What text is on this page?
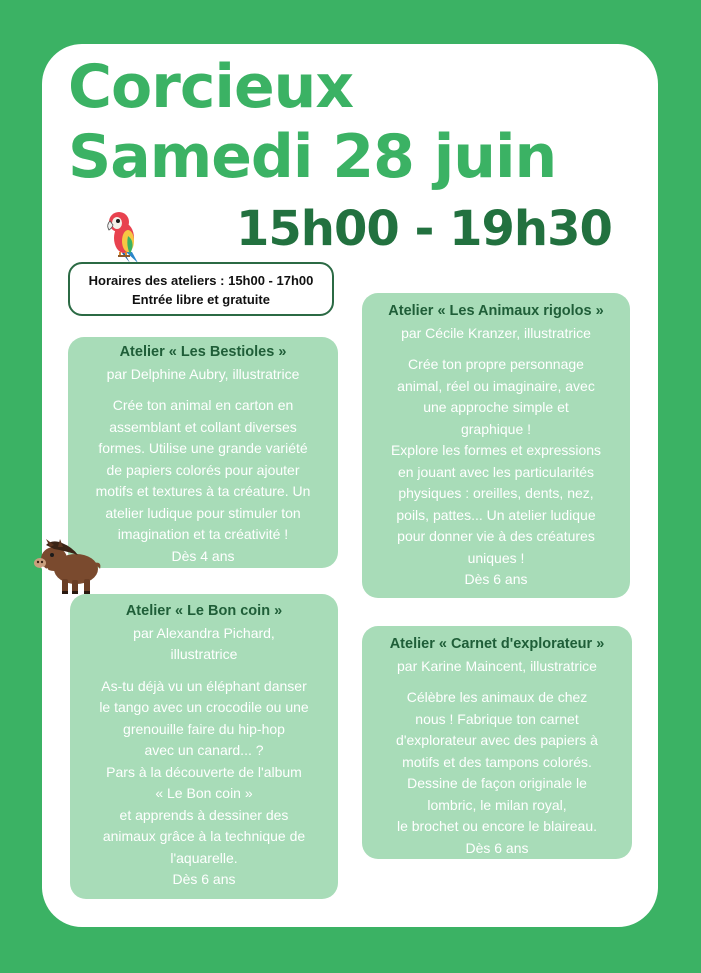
Corcieux
Samedi 28 juin
15h00 - 19h30
Horaires des ateliers : 15h00 - 17h00
Entrée libre et gratuite
Atelier « Les Bestioles »
par Delphine Aubry, illustratrice
Crée ton animal en carton en
assemblant et collant diverses
formes. Utilise une grande variété
de papiers colorés pour ajouter
motifs et textures à ta créature. Un
atelier ludique pour stimuler ton
imagination et ta créativité !
Dès 4 ans
Atelier « Le Bon coin »
par Alexandra Pichard,
illustratrice
As-tu déjà vu un éléphant danser
le tango avec un crocodile ou une
grenouille faire du hip-hop
avec un canard... ?
Pars à la découverte de l'album
« Le Bon coin »
et apprends à dessiner des
animaux grâce à la technique de
l'aquarelle.
Dès 6 ans
Atelier « Les Animaux rigolos »
par Cécile Kranzer, illustratrice
Crée ton propre personnage
animal, réel ou imaginaire, avec
une approche simple et
graphique !
Explore les formes et expressions
en jouant avec les particularités
physiques : oreilles, dents, nez,
poils, pattes... Un atelier ludique
pour donner vie à des créatures
uniques !
Dès 6 ans
Atelier « Carnet d'explorateur »
par Karine Maincent, illustratrice
Célèbre les animaux de chez
nous ! Fabrique ton carnet
d'explorateur avec des papiers à
motifs et des tampons colorés.
Dessine de façon originale le
lombric, le milan royal,
le brochet ou encore le blaireau.
Dès 6 ans
